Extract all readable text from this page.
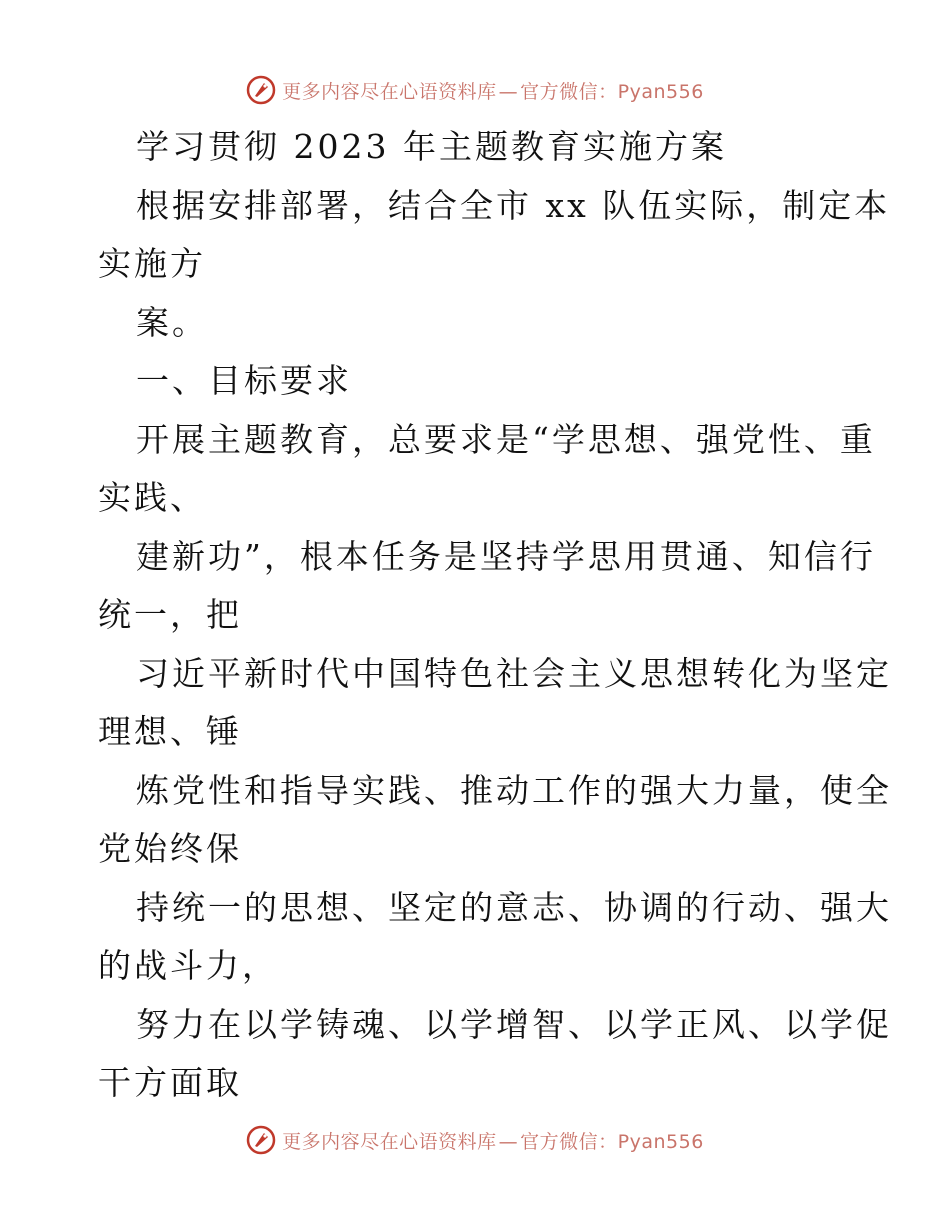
更多内容尽在心语资料库 — 官方微信：Pyan556
学习贯彻 2023 年主题教育实施方案
根据安排部署，结合全市 xx 队伍实际，制定本
实施方
案。
一、目标要求
开展主题教育，总要求是“学思想、强党性、重
实践、
建新功”，根本任务是坚持学思用贯通、知信行
统一，把
习近平新时代中国特色社会主义思想转化为坚定
理想、锤
炼党性和指导实践、推动工作的强大力量，使全
党始终保
持统一的思想、坚定的意志、协调的行动、强大
的战斗力，
努力在以学铸魂、以学增智、以学正风、以学促
干方面取
更多内容尽在心语资料库 — 官方微信：Pyan556
